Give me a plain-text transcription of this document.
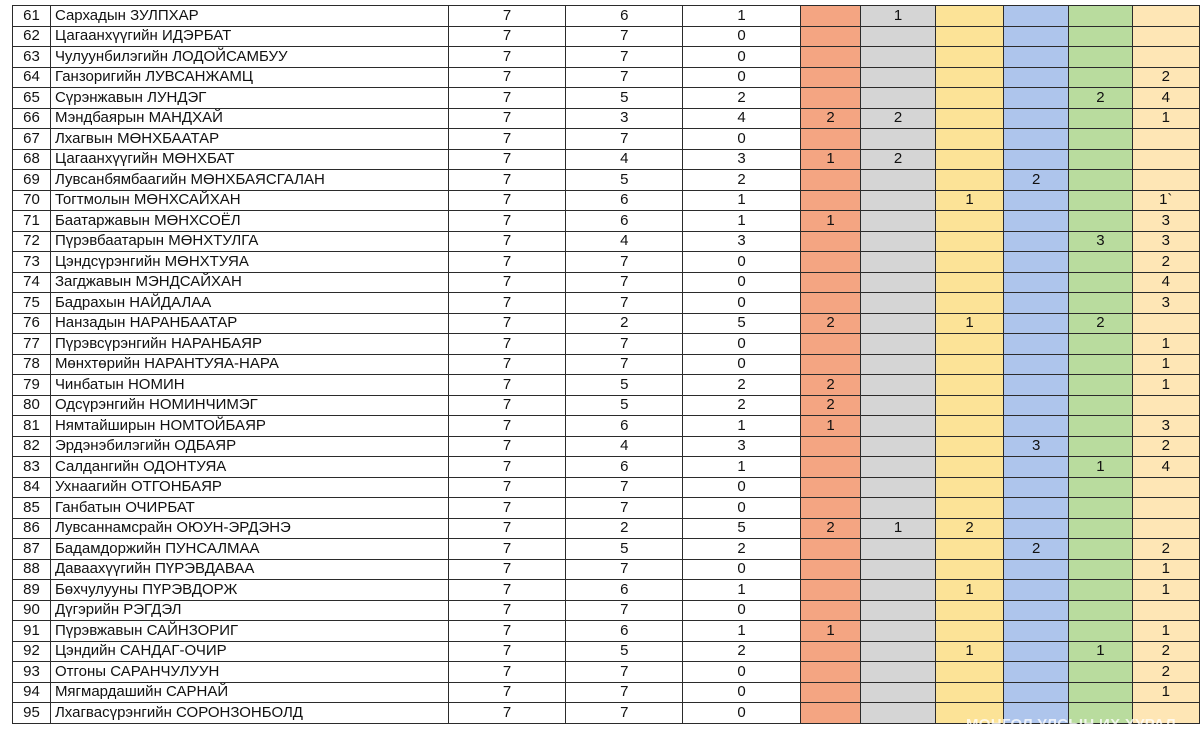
61	Сархадын ЗУЛПХАР	7	6	1		1				
62	Цагаанхүүгийн ИДЭРБАТ	7	7	0						
63	Чулуунбилэгийн ЛОДОЙСАМБУУ	7	7	0						
64	Ганзоригийн ЛУВСАНЖАМЦ	7	7	0						2
65	Сүрэнжавын ЛУНДЭГ	7	5	2					2	4
66	Мэндбаярын МАНДХАЙ	7	3	4	2	2				1
67	Лхагвын МӨНХБААТАР	7	7	0						
68	Цагаанхүүгийн МӨНХБАТ	7	4	3	1	2				
69	Лувсанбямбаагийн МӨНХБАЯСГАЛАН	7	5	2				2		
70	Тогтмолын МӨНХСАЙХАН	7	6	1			1			1`
71	Баатаржавын МӨНХСОЁЛ	7	6	1	1					3
72	Пүрэвбаатарын МӨНХТУЛГА	7	4	3					3	3
73	Цэндсүрэнгийн МӨНХТУЯА	7	7	0						2
74	Загджавын МЭНДСАЙХАН	7	7	0						4
75	Бадрахын НАЙДАЛАА	7	7	0						3
76	Нанзадын НАРАНБААТАР	7	2	5	2		1		2	
77	Пүрэвсүрэнгийн НАРАНБАЯР	7	7	0						1
78	Мөнхтөрийн НАРАНТУЯА-НАРА	7	7	0						1
79	Чинбатын НОМИН	7	5	2	2					1
80	Одсүрэнгийн НОМИНЧИМЭГ	7	5	2	2					
81	Нямтайширын НОМТОЙБАЯР	7	6	1	1					3
82	Эрдэнэбилэгийн ОДБАЯР	7	4	3				3		2
83	Салдангийн ОДОНТУЯА	7	6	1					1	4
84	Ухнаагийн ОТГОНБАЯР	7	7	0						
85	Ганбатын ОЧИРБАТ	7	7	0						
86	Лувсаннамсрайн ОЮУН-ЭРДЭНЭ	7	2	5	2	1	2			
87	Бадамдоржийн ПУНСАЛМАА	7	5	2				2		2
88	Даваахүүгийн ПҮРЭВДАВАА	7	7	0						1
89	Бөхчулууны ПҮРЭВДОРЖ	7	6	1			1			1
90	Дүгэрийн РЭГДЭЛ	7	7	0						
91	Пүрэвжавын САЙНЗОРИГ	7	6	1	1					1
92	Цэндийн САНДАГ-ОЧИР	7	5	2			1		1	2
93	Отгоны САРАНЧУЛУУН	7	7	0						2
94	Мягмардашийн САРНАЙ	7	7	0						1
95	Лхагвасүрэнгийн СОРОНЗОНБОЛД	7	7	0						
МОНГОЛ УЛСЫН ИХ ХУРАЛ
